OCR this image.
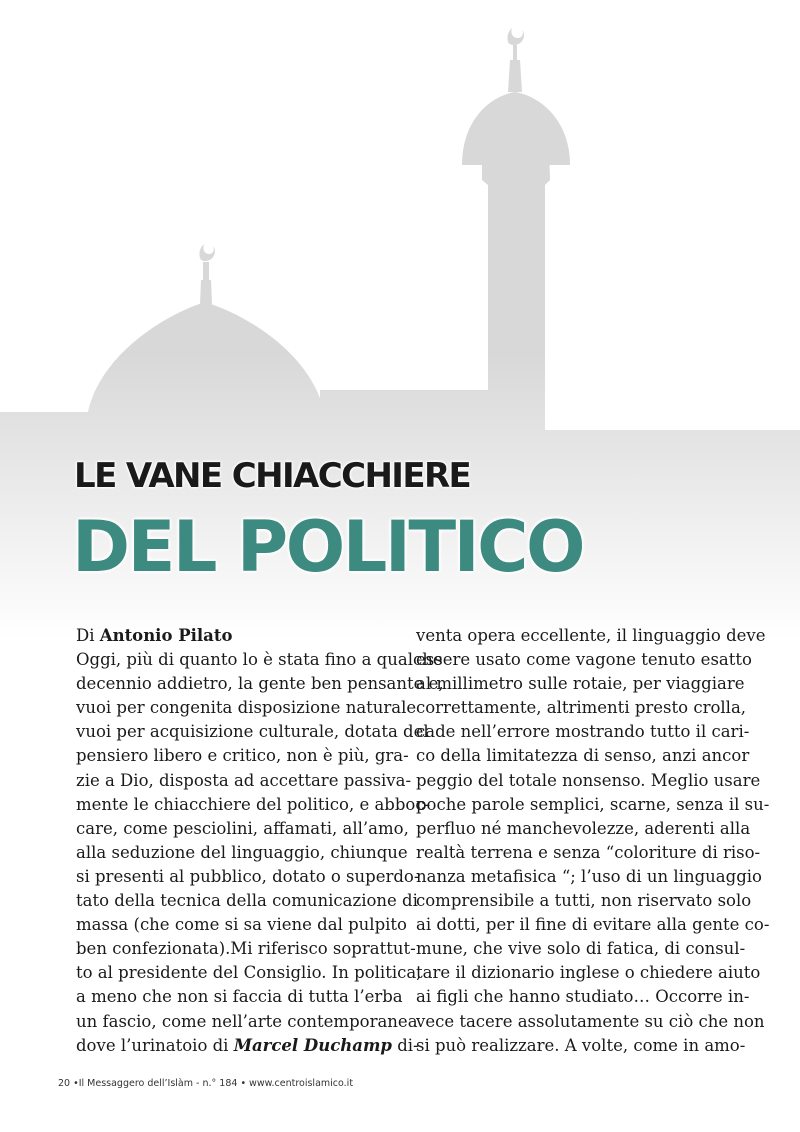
LE VANE CHIACCHIERE
DEL POLITICO
Di Antonio Pilato
Oggi, più di quanto lo è stata fino a qualche
decennio addietro, la gente ben pensante e,
vuoi per congenita disposizione naturale
vuoi per acquisizione culturale, dotata del
pensiero libero e critico, non è più, gra-
zie a Dio, disposta ad accettare passiva-
mente le chiacchiere del politico, e abboc-
care, come pesciolini, affamati, all’amo,
alla seduzione del linguaggio, chiunque
si presenti al pubblico, dotato o superdo-
tato della tecnica della comunicazione di
massa (che come si sa viene dal pulpito
ben confezionata).Mi riferisco soprattut-
to al presidente del Consiglio. In politica,
a meno che non si faccia di tutta l’erba
un fascio, come nell’arte contemporanea
dove l’urinatoio di Marcel Duchamp di-
venta opera eccellente, il linguaggio deve
essere usato come vagone tenuto esatto
al millimetro sulle rotaie, per viaggiare
correttamente, altrimenti presto crolla,
cade nell’errore mostrando tutto il cari-
co della limitatezza di senso, anzi ancor
peggio del totale nonsenso. Meglio usare
poche parole semplici, scarne, senza il su-
perfluo né manchevolezze, aderenti alla
realtà terrena e senza “coloriture di riso-
nanza metafisica “; l’uso di un linguaggio
comprensibile a tutti, non riservato solo
ai dotti, per il fine di evitare alla gente co-
mune, che vive solo di fatica, di consul-
tare il dizionario inglese o chiedere aiuto
ai figli che hanno studiato… Occorre in-
vece tacere assolutamente su ciò che non
si può realizzare. A volte, come in amo-
20 •Il Messaggero dell’Islàm - n.° 184 • www.centroislamico.it
